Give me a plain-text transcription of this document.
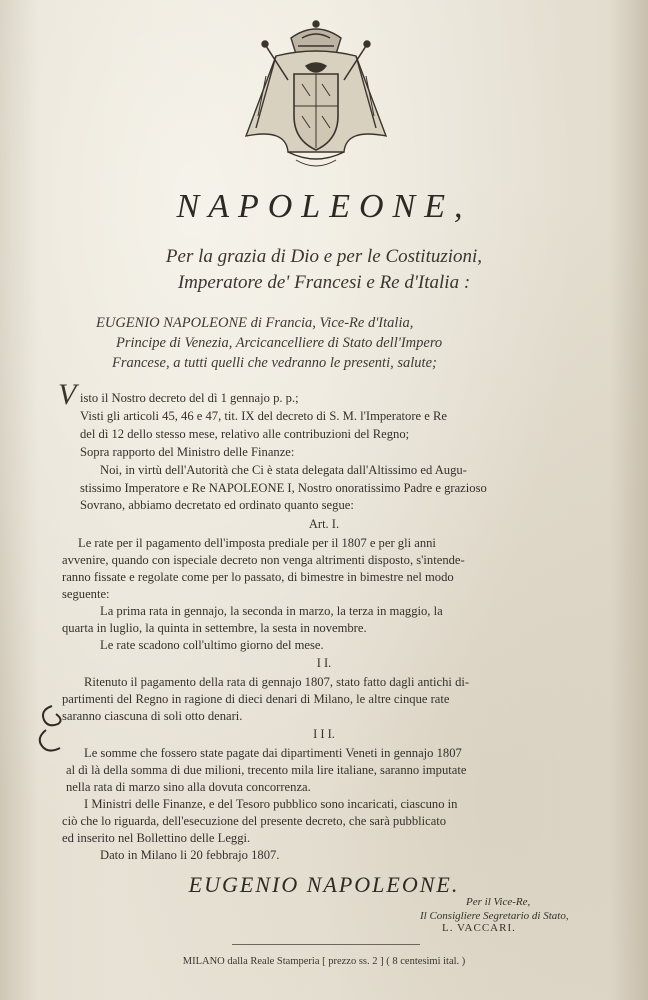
NAPOLEONE,
Per la grazia di Dio e per le Costituzioni,
Imperatore de' Francesi e Re d'Italia :
EUGENIO NAPOLEONE di Francia, Vice-Re d'Italia,
Principe di Venezia, Arcicancelliere di Stato dell'Impero
Francese, a tutti quelli che vedranno le presenti, salute;
V isto il Nostro decreto del dì 1 gennajo p. p.;
Visti gli articoli 45, 46 e 47, tit. IX del decreto di S. M. l'Imperatore e Re
del dì 12 dello stesso mese, relativo alle contribuzioni del Regno;
Sopra rapporto del Ministro delle Finanze:
Noi, in virtù dell'Autorità che Ci è stata delegata dall'Altissimo ed Augu-
stissimo Imperatore e Re NAPOLEONE I, Nostro onoratissimo Padre e grazioso
Sovrano, abbiamo decretato ed ordinato quanto segue:
Art. I.
Le rate per il pagamento dell'imposta prediale per il 1807 e per gli anni
avvenire, quando con ispeciale decreto non venga altrimenti disposto, s'intende-
ranno fissate e regolate come per lo passato, di bimestre in bimestre nel modo
seguente:
La prima rata in gennajo, la seconda in marzo, la terza in maggio, la
quarta in luglio, la quinta in settembre, la sesta in novembre.
Le rate scadono coll'ultimo giorno del mese.
I I.
Ritenuto il pagamento della rata di gennajo 1807, stato fatto dagli antichi di-
partimenti del Regno in ragione di dieci denari di Milano, le altre cinque rate
saranno ciascuna di soli otto denari.
I I I.
Le somme che fossero state pagate dai dipartimenti Veneti in gennajo 1807
al dì là della somma di due milioni, trecento mila lire italiane, saranno imputate
nella rata di marzo sino alla dovuta concorrenza.
I Ministri delle Finanze, e del Tesoro pubblico sono incaricati, ciascuno in
ciò che lo riguarda, dell'esecuzione del presente decreto, che sarà pubblicato
ed inserito nel Bollettino delle Leggi.
Dato in Milano li 20 febbrajo 1807.
EUGENIO NAPOLEONE.
Per il Vice-Re,
Il Consigliere Segretario di Stato,
L. VACCARI.
MILANO dalla Reale Stamperia [ prezzo ss. 2 ] ( 8 centesimi ital. )
